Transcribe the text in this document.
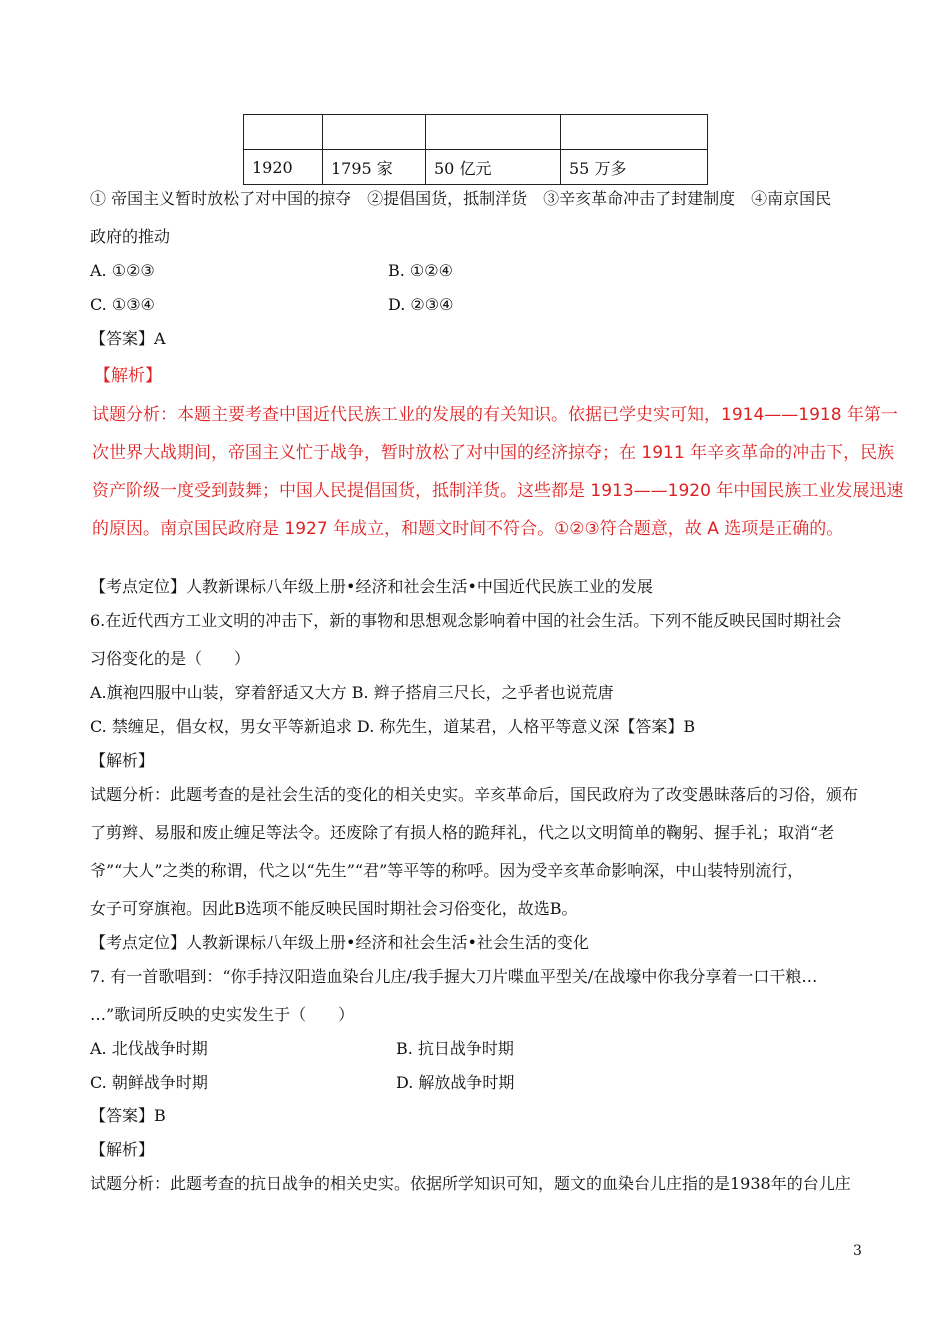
1920	1795 家	50 亿元	55 万多
① 帝国主义暂时放松了对中国的掠夺　②提倡国货，抵制洋货　③辛亥革命冲击了封建制度　④南京国民
政府的推动
A. ①②③	B. ①②④
C. ①③④	D. ②③④
【答案】A
【解析】
试题分析：本题主要考查中国近代民族工业的发展的有关知识。依据已学史实可知，1914——1918 年第一
次世界大战期间，帝国主义忙于战争，暂时放松了对中国的经济掠夺；在 1911 年辛亥革命的冲击下，民族
资产阶级一度受到鼓舞；中国人民提倡国货，抵制洋货。这些都是 1913——1920 年中国民族工业发展迅速
的原因。南京国民政府是 1927 年成立，和题文时间不符合。①②③符合题意，故 A 选项是正确的。
【考点定位】人教新课标八年级上册•经济和社会生活•中国近代民族工业的发展
6.在近代西方工业文明的冲击下，新的事物和思想观念影响着中国的社会生活。下列不能反映民国时期社会
习俗变化的是（　　）
A.旗袍四服中山装，穿着舒适又大方 B. 辫子搭肩三尺长，之乎者也说荒唐
C. 禁缠足，倡女权，男女平等新追求 D. 称先生，道某君，人格平等意义深【答案】B
【解析】
试题分析：此题考查的是社会生活的变化的相关史实。辛亥革命后，国民政府为了改变愚昧落后的习俗，颁布
了剪辫、易服和废止缠足等法令。还废除了有损人格的跪拜礼，代之以文明简单的鞠躬、握手礼；取消“老
爷”“大人”之类的称谓，代之以“先生”“君”等平等的称呼。因为受辛亥革命影响深，中山装特别流行，
女子可穿旗袍。因此B选项不能反映民国时期社会习俗变化，故选B。
【考点定位】人教新课标八年级上册•经济和社会生活•社会生活的变化
7. 有一首歌唱到：“你手持汉阳造血染台儿庄/我手握大刀片喋血平型关/在战壕中你我分享着一口干粮…
…”歌词所反映的史实发生于（　　）
A. 北伐战争时期	B. 抗日战争时期
C. 朝鲜战争时期	D. 解放战争时期
【答案】B
【解析】
试题分析：此题考查的抗日战争的相关史实。依据所学知识可知，题文的血染台儿庄指的是1938年的台儿庄
3
